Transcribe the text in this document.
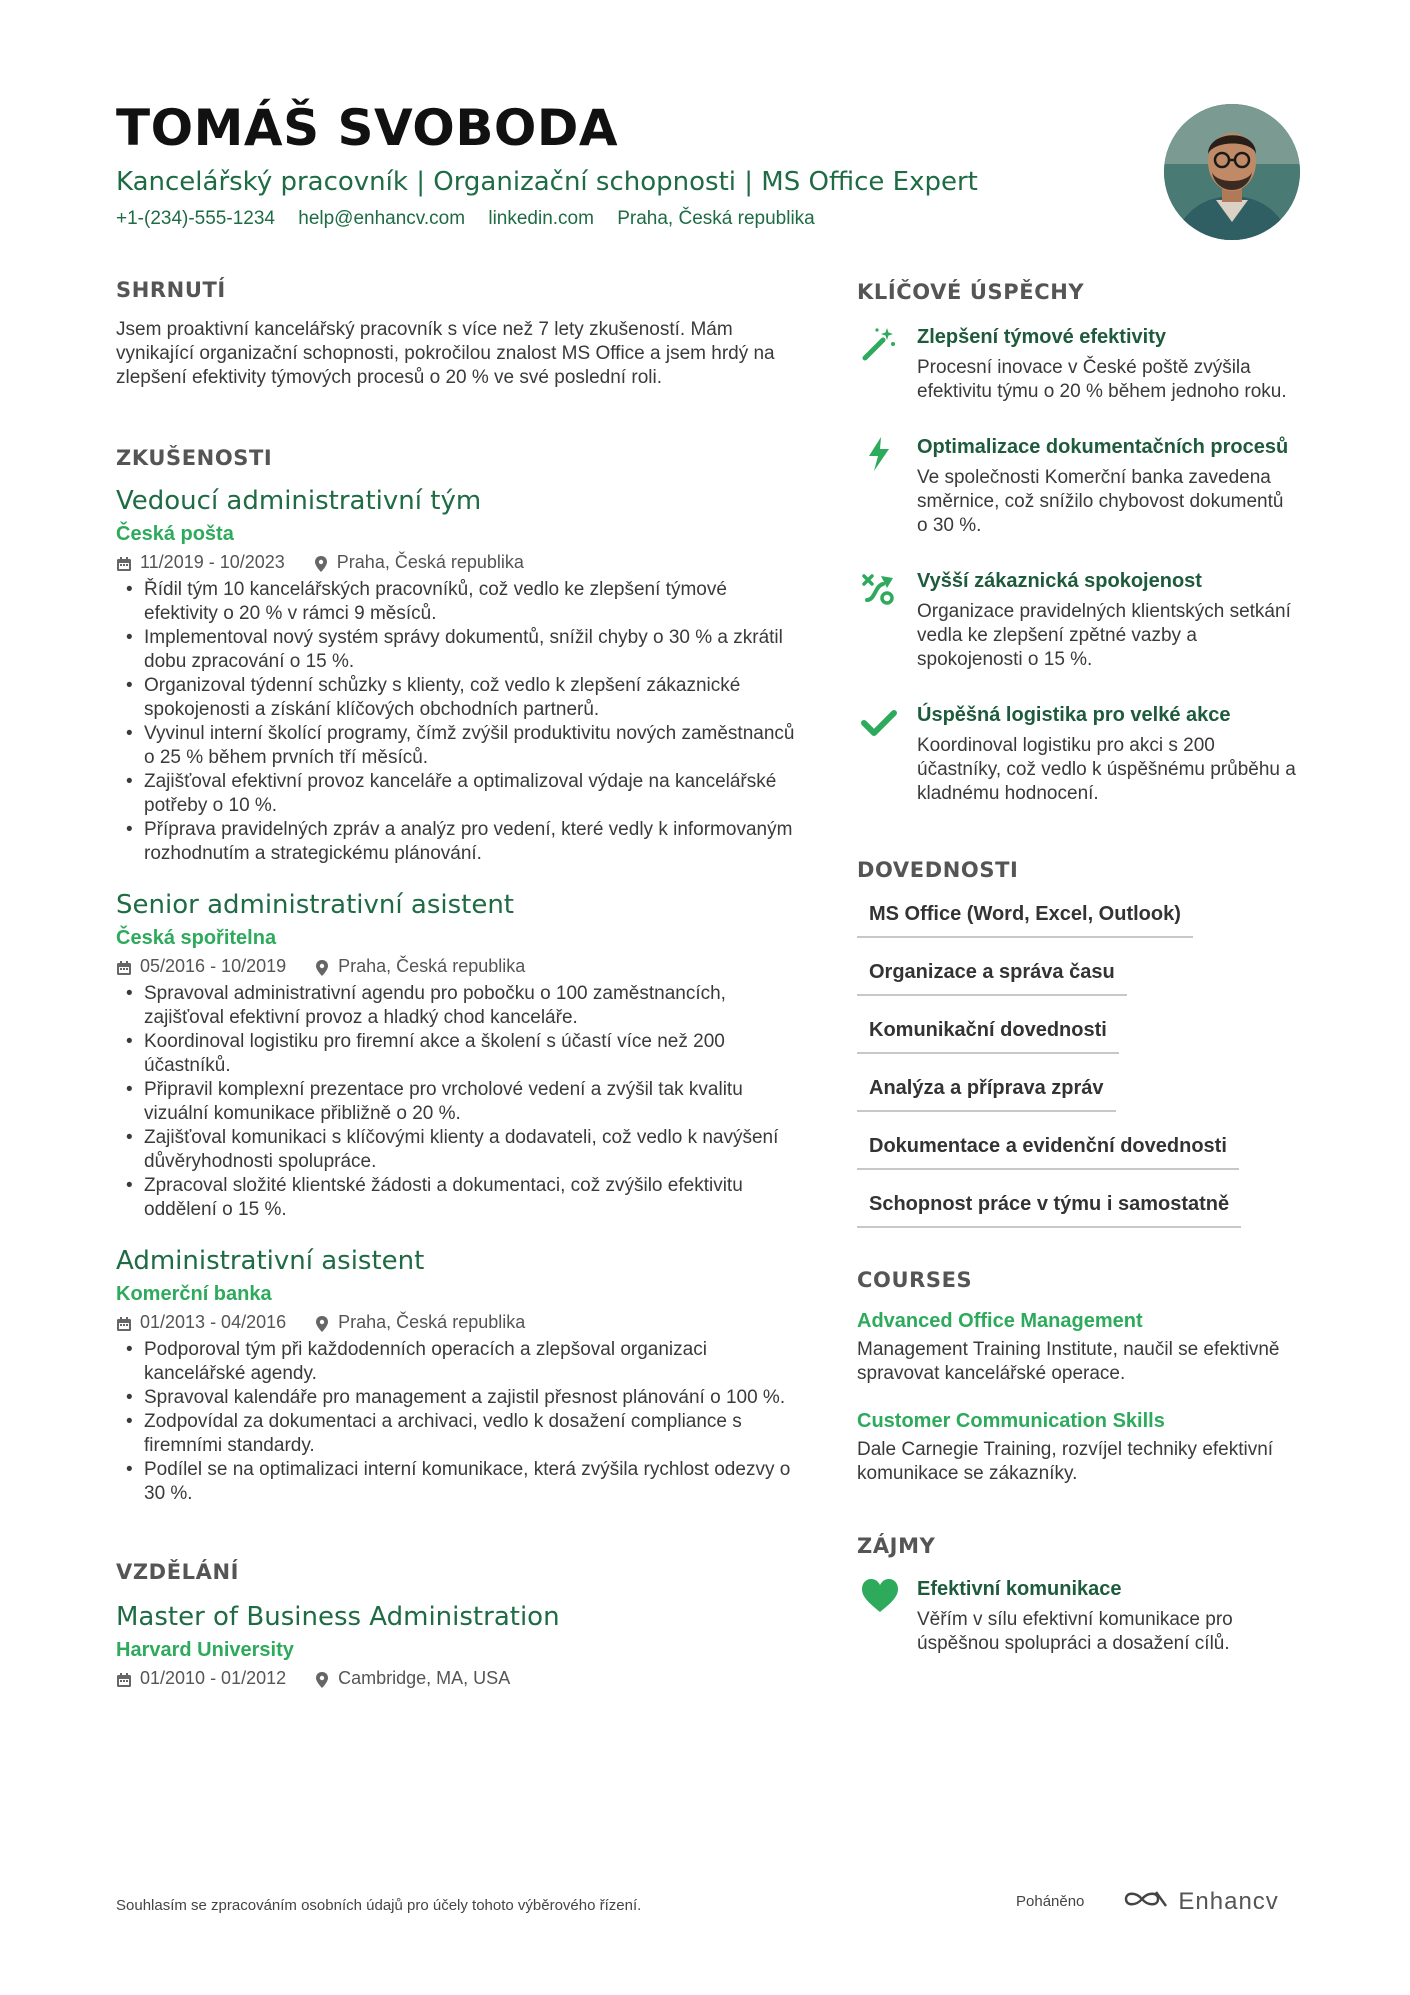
TOMÁŠ SVOBODA
Kancelářský pracovník | Organizační schopnosti | MS Office Expert
+1-(234)-555-1234 help@enhancv.com linkedin.com Praha, Česká republika
SHRNUTÍ
Jsem proaktivní kancelářský pracovník s více než 7 lety zkušeností. Mám vynikající organizační schopnosti, pokročilou znalost MS Office a jsem hrdý na zlepšení efektivity týmových procesů o 20 % ve své poslední roli.
ZKUŠENOSTI
Vedoucí administrativní tým
Česká pošta
11/2019 - 10/2023	Praha, Česká republika
• Řídil tým 10 kancelářských pracovníků, což vedlo ke zlepšení týmové efektivity o 20 % v rámci 9 měsíců.
• Implementoval nový systém správy dokumentů, snížil chyby o 30 % a zkrátil dobu zpracování o 15 %.
• Organizoval týdenní schůzky s klienty, což vedlo k zlepšení zákaznické spokojenosti a získání klíčových obchodních partnerů.
• Vyvinul interní školící programy, čímž zvýšil produktivitu nových zaměstnanců o 25 % během prvních tří měsíců.
• Zajišťoval efektivní provoz kanceláře a optimalizoval výdaje na kancelářské potřeby o 10 %.
• Příprava pravidelných zpráv a analýz pro vedení, které vedly k informovaným rozhodnutím a strategickému plánování.
Senior administrativní asistent
Česká spořitelna
05/2016 - 10/2019	Praha, Česká republika
• Spravoval administrativní agendu pro pobočku o 100 zaměstnancích, zajišťoval efektivní provoz a hladký chod kanceláře.
• Koordinoval logistiku pro firemní akce a školení s účastí více než 200 účastníků.
• Připravil komplexní prezentace pro vrcholové vedení a zvýšil tak kvalitu vizuální komunikace přibližně o 20 %.
• Zajišťoval komunikaci s klíčovými klienty a dodavateli, což vedlo k navýšení důvěryhodnosti spolupráce.
• Zpracoval složité klientské žádosti a dokumentaci, což zvýšilo efektivitu oddělení o 15 %.
Administrativní asistent
Komerční banka
01/2013 - 04/2016	Praha, Česká republika
• Podporoval tým při každodenních operacích a zlepšoval organizaci kancelářské agendy.
• Spravoval kalendáře pro management a zajistil přesnost plánování o 100 %.
• Zodpovídal za dokumentaci a archivaci, vedlo k dosažení compliance s firemními standardy.
• Podílel se na optimalizaci interní komunikace, která zvýšila rychlost odezvy o 30 %.
VZDĚLÁNÍ
Master of Business Administration
Harvard University
01/2010 - 01/2012	Cambridge, MA, USA
KLÍČOVÉ ÚSPĚCHY
Zlepšení týmové efektivity
Procesní inovace v České poště zvýšila efektivitu týmu o 20 % během jednoho roku.
Optimalizace dokumentačních procesů
Ve společnosti Komerční banka zavedena směrnice, což snížilo chybovost dokumentů o 30 %.
Vyšší zákaznická spokojenost
Organizace pravidelných klientských setkání vedla ke zlepšení zpětné vazby a spokojenosti o 15 %.
Úspěšná logistika pro velké akce
Koordinoval logistiku pro akci s 200 účastníky, což vedlo k úspěšnému průběhu a kladnému hodnocení.
DOVEDNOSTI
MS Office (Word, Excel, Outlook)
Organizace a správa času
Komunikační dovednosti
Analýza a příprava zpráv
Dokumentace a evidenční dovednosti
Schopnost práce v týmu i samostatně
COURSES
Advanced Office Management
Management Training Institute, naučil se efektivně spravovat kancelářské operace.
Customer Communication Skills
Dale Carnegie Training, rozvíjel techniky efektivní komunikace se zákazníky.
ZÁJMY
Efektivní komunikace
Věřím v sílu efektivní komunikace pro úspěšnou spolupráci a dosažení cílů.
Souhlasím se zpracováním osobních údajů pro účely tohoto výběrového řízení.	Poháněno	Enhancv
